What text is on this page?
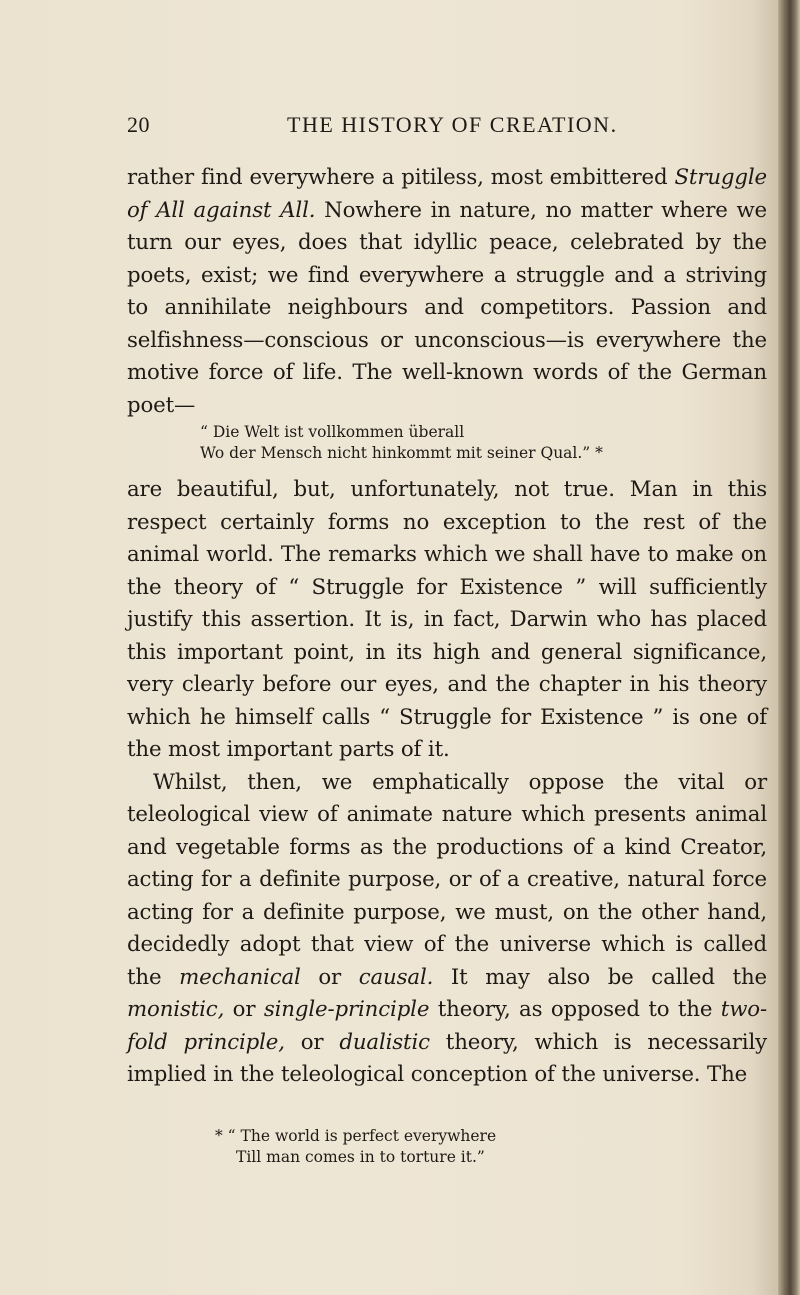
20	THE HISTORY OF CREATION.

rather find everywhere a pitiless, most embittered Struggle of All against All. Nowhere in nature, no matter where we turn our eyes, does that idyllic peace, celebrated by the poets, exist; we find everywhere a struggle and a striving to annihilate neighbours and competitors. Passion and selfishness—conscious or unconscious—is everywhere the motive force of life. The well-known words of the German poet—

“ Die Welt ist vollkommen überall

Wo der Mensch nicht hinkommt mit seiner Qual.” *

are beautiful, but, unfortunately, not true. Man in this respect certainly forms no exception to the rest of the animal world. The remarks which we shall have to make on the theory of “ Struggle for Existence ” will sufficiently justify this assertion. It is, in fact, Darwin who has placed this important point, in its high and general significance, very clearly before our eyes, and the chapter in his theory which he himself calls “ Struggle for Existence ” is one of the most important parts of it.

Whilst, then, we emphatically oppose the vital or teleological view of animate nature which presents animal and vegetable forms as the productions of a kind Creator, acting for a definite purpose, or of a creative, natural force acting for a definite purpose, we must, on the other hand, decidedly adopt that view of the universe which is called the mechanical or causal. It may also be called the monistic, or single-principle theory, as opposed to the two-fold principle, or dualistic theory, which is necessarily implied in the teleological conception of the universe. The

* “ The world is perfect everywhere

Till man comes in to torture it.”
